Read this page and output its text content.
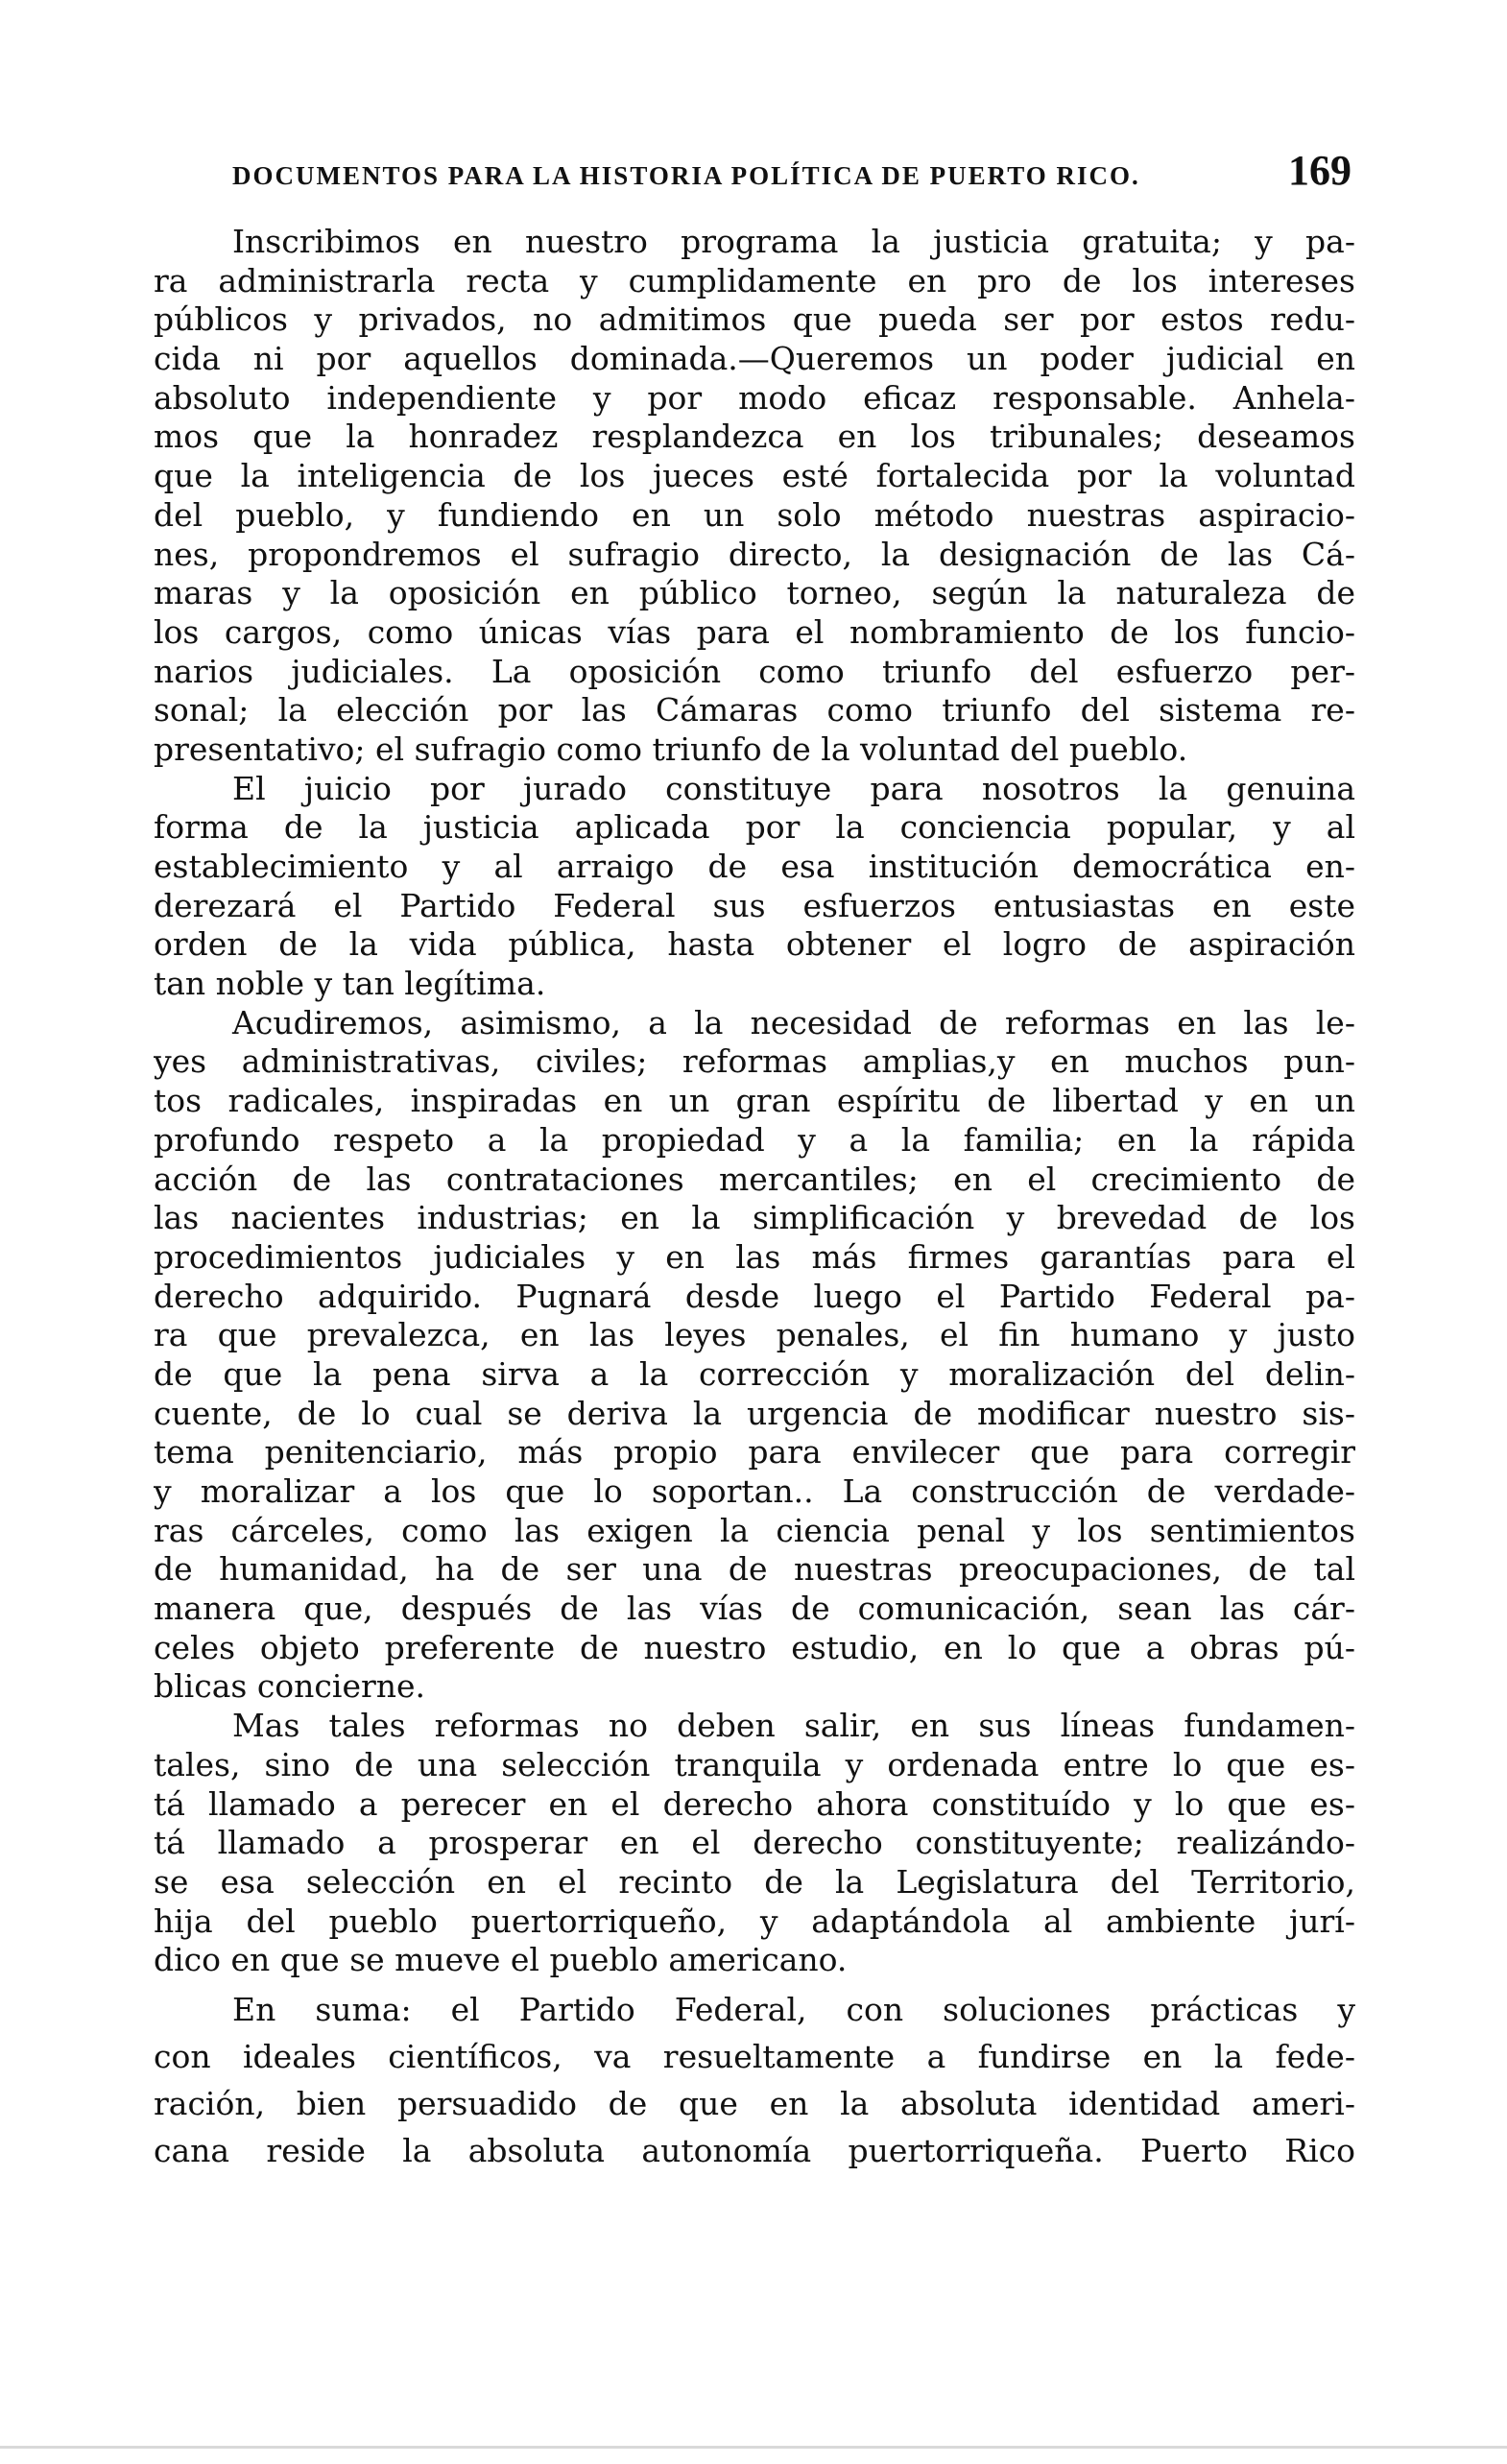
DOCUMENTOS PARA LA HISTORIA POLÍTICA DE PUERTO RICO.	169
Inscribimos en nuestro programa la justicia gratuita; y pa-
ra administrarla recta y cumplidamente en pro de los intereses
públicos y privados, no admitimos que pueda ser por estos redu-
cida ni por aquellos dominada.—Queremos un poder judicial en
absoluto independiente y por modo eficaz responsable. Anhela-
mos que la honradez resplandezca en los tribunales; deseamos
que la inteligencia de los jueces esté fortalecida por la voluntad
del pueblo, y fundiendo en un solo método nuestras aspiracio-
nes, propondremos el sufragio directo, la designación de las Cá-
maras y la oposición en público torneo, según la naturaleza de
los cargos, como únicas vías para el nombramiento de los funcio-
narios judiciales. La oposición como triunfo del esfuerzo per-
sonal; la elección por las Cámaras como triunfo del sistema re-
presentativo; el sufragio como triunfo de la voluntad del pueblo.
El juicio por jurado constituye para nosotros la genuina
forma de la justicia aplicada por la conciencia popular, y al
establecimiento y al arraigo de esa institución democrática en-
derezará el Partido Federal sus esfuerzos entusiastas en este
orden de la vida pública, hasta obtener el logro de aspiración
tan noble y tan legítima.
Acudiremos, asimismo, a la necesidad de reformas en las le-
yes administrativas, civiles; reformas amplias,y en muchos pun-
tos radicales, inspiradas en un gran espíritu de libertad y en un
profundo respeto a la propiedad y a la familia; en la rápida
acción de las contrataciones mercantiles; en el crecimiento de
las nacientes industrias; en la simplificación y brevedad de los
procedimientos judiciales y en las más firmes garantías para el
derecho adquirido. Pugnará desde luego el Partido Federal pa-
ra que prevalezca, en las leyes penales, el fin humano y justo
de que la pena sirva a la corrección y moralización del delin-
cuente, de lo cual se deriva la urgencia de modificar nuestro sis-
tema penitenciario, más propio para envilecer que para corregir
y moralizar a los que lo soportan.. La construcción de verdade-
ras cárceles, como las exigen la ciencia penal y los sentimientos
de humanidad, ha de ser una de nuestras preocupaciones, de tal
manera que, después de las vías de comunicación, sean las cár-
celes objeto preferente de nuestro estudio, en lo que a obras pú-
blicas concierne.
Mas tales reformas no deben salir, en sus líneas fundamen-
tales, sino de una selección tranquila y ordenada entre lo que es-
tá llamado a perecer en el derecho ahora constituído y lo que es-
tá llamado a prosperar en el derecho constituyente; realizándo-
se esa selección en el recinto de la Legislatura del Territorio,
hija del pueblo puertorriqueño, y adaptándola al ambiente jurí-
dico en que se mueve el pueblo americano.
En suma: el Partido Federal, con soluciones prácticas y
con ideales científicos, va resueltamente a fundirse en la fede-
ración, bien persuadido de que en la absoluta identidad ameri-
cana reside la absoluta autonomía puertorriqueña. Puerto Rico
